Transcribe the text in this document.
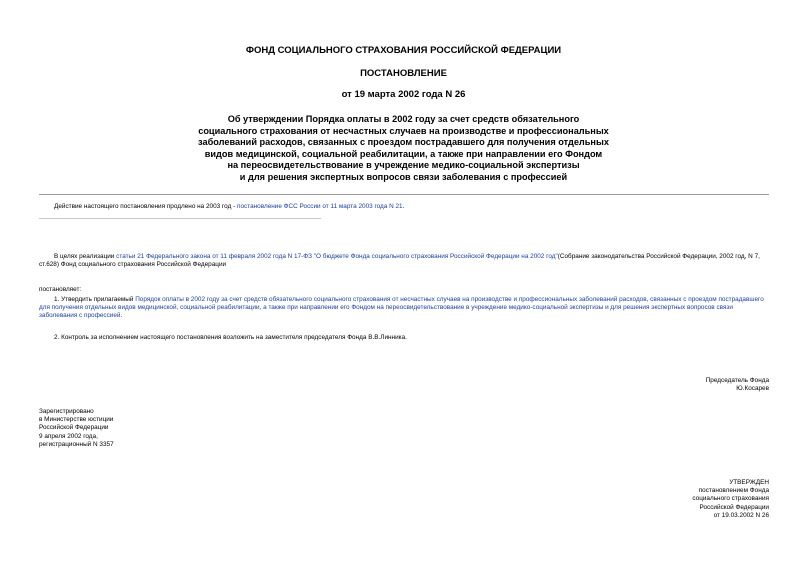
ФОНД СОЦИАЛЬНОГО СТРАХОВАНИЯ РОССИЙСКОЙ ФЕДЕРАЦИИ
ПОСТАНОВЛЕНИЕ
от 19 марта 2002 года N 26
Об утверждении Порядка оплаты в 2002 году за счет средств обязательного
социального страхования от несчастных случаев на производстве и профессиональных
заболеваний расходов, связанных с проездом пострадавшего для получения отдельных
видов медицинской, социальной реабилитации, а также при направлении его Фондом
на переосвидетельствование в учреждение медико-социальной экспертизы
и для решения экспертных вопросов связи заболевания с профессией
Действие настоящего постановления продлено на 2003 год - постановление ФСС России от 11 марта 2003 года N 21.
В целях реализации статьи 21 Федерального закона от 11 февраля 2002 года N 17-ФЗ "О бюджете Фонда социального страхования Российской Федерации на 2002 год"(Собрание законодательства Российской Федерации, 2002 год, N 7, ст.628) Фонд социального страхования Российской Федерации
постановляет:
1. Утвердить прилагаемый Порядок оплаты в 2002 году за счет средств обязательного социального страхования от несчастных случаев на производстве и профессиональных заболеваний расходов, связанных с проездом пострадавшего для получения отдельных видов медицинской, социальной реабилитации, а также при направлении его Фондом на переосвидетельствование в учреждение медико-социальной экспертизы и для решения экспертных вопросов связи заболевания с профессией.
2. Контроль за исполнением настоящего постановления возложить на заместителя председателя Фонда В.В.Линника.
Председатель Фонда
Ю.Косарев
Зарегистрировано
в Министерстве юстиции
Российской Федерации
9 апреля 2002 года,
регистрационный N 3357
УТВЕРЖДЕН
постановлением Фонда
социального страхования
Российской Федерации
от 19.03.2002 N 26
